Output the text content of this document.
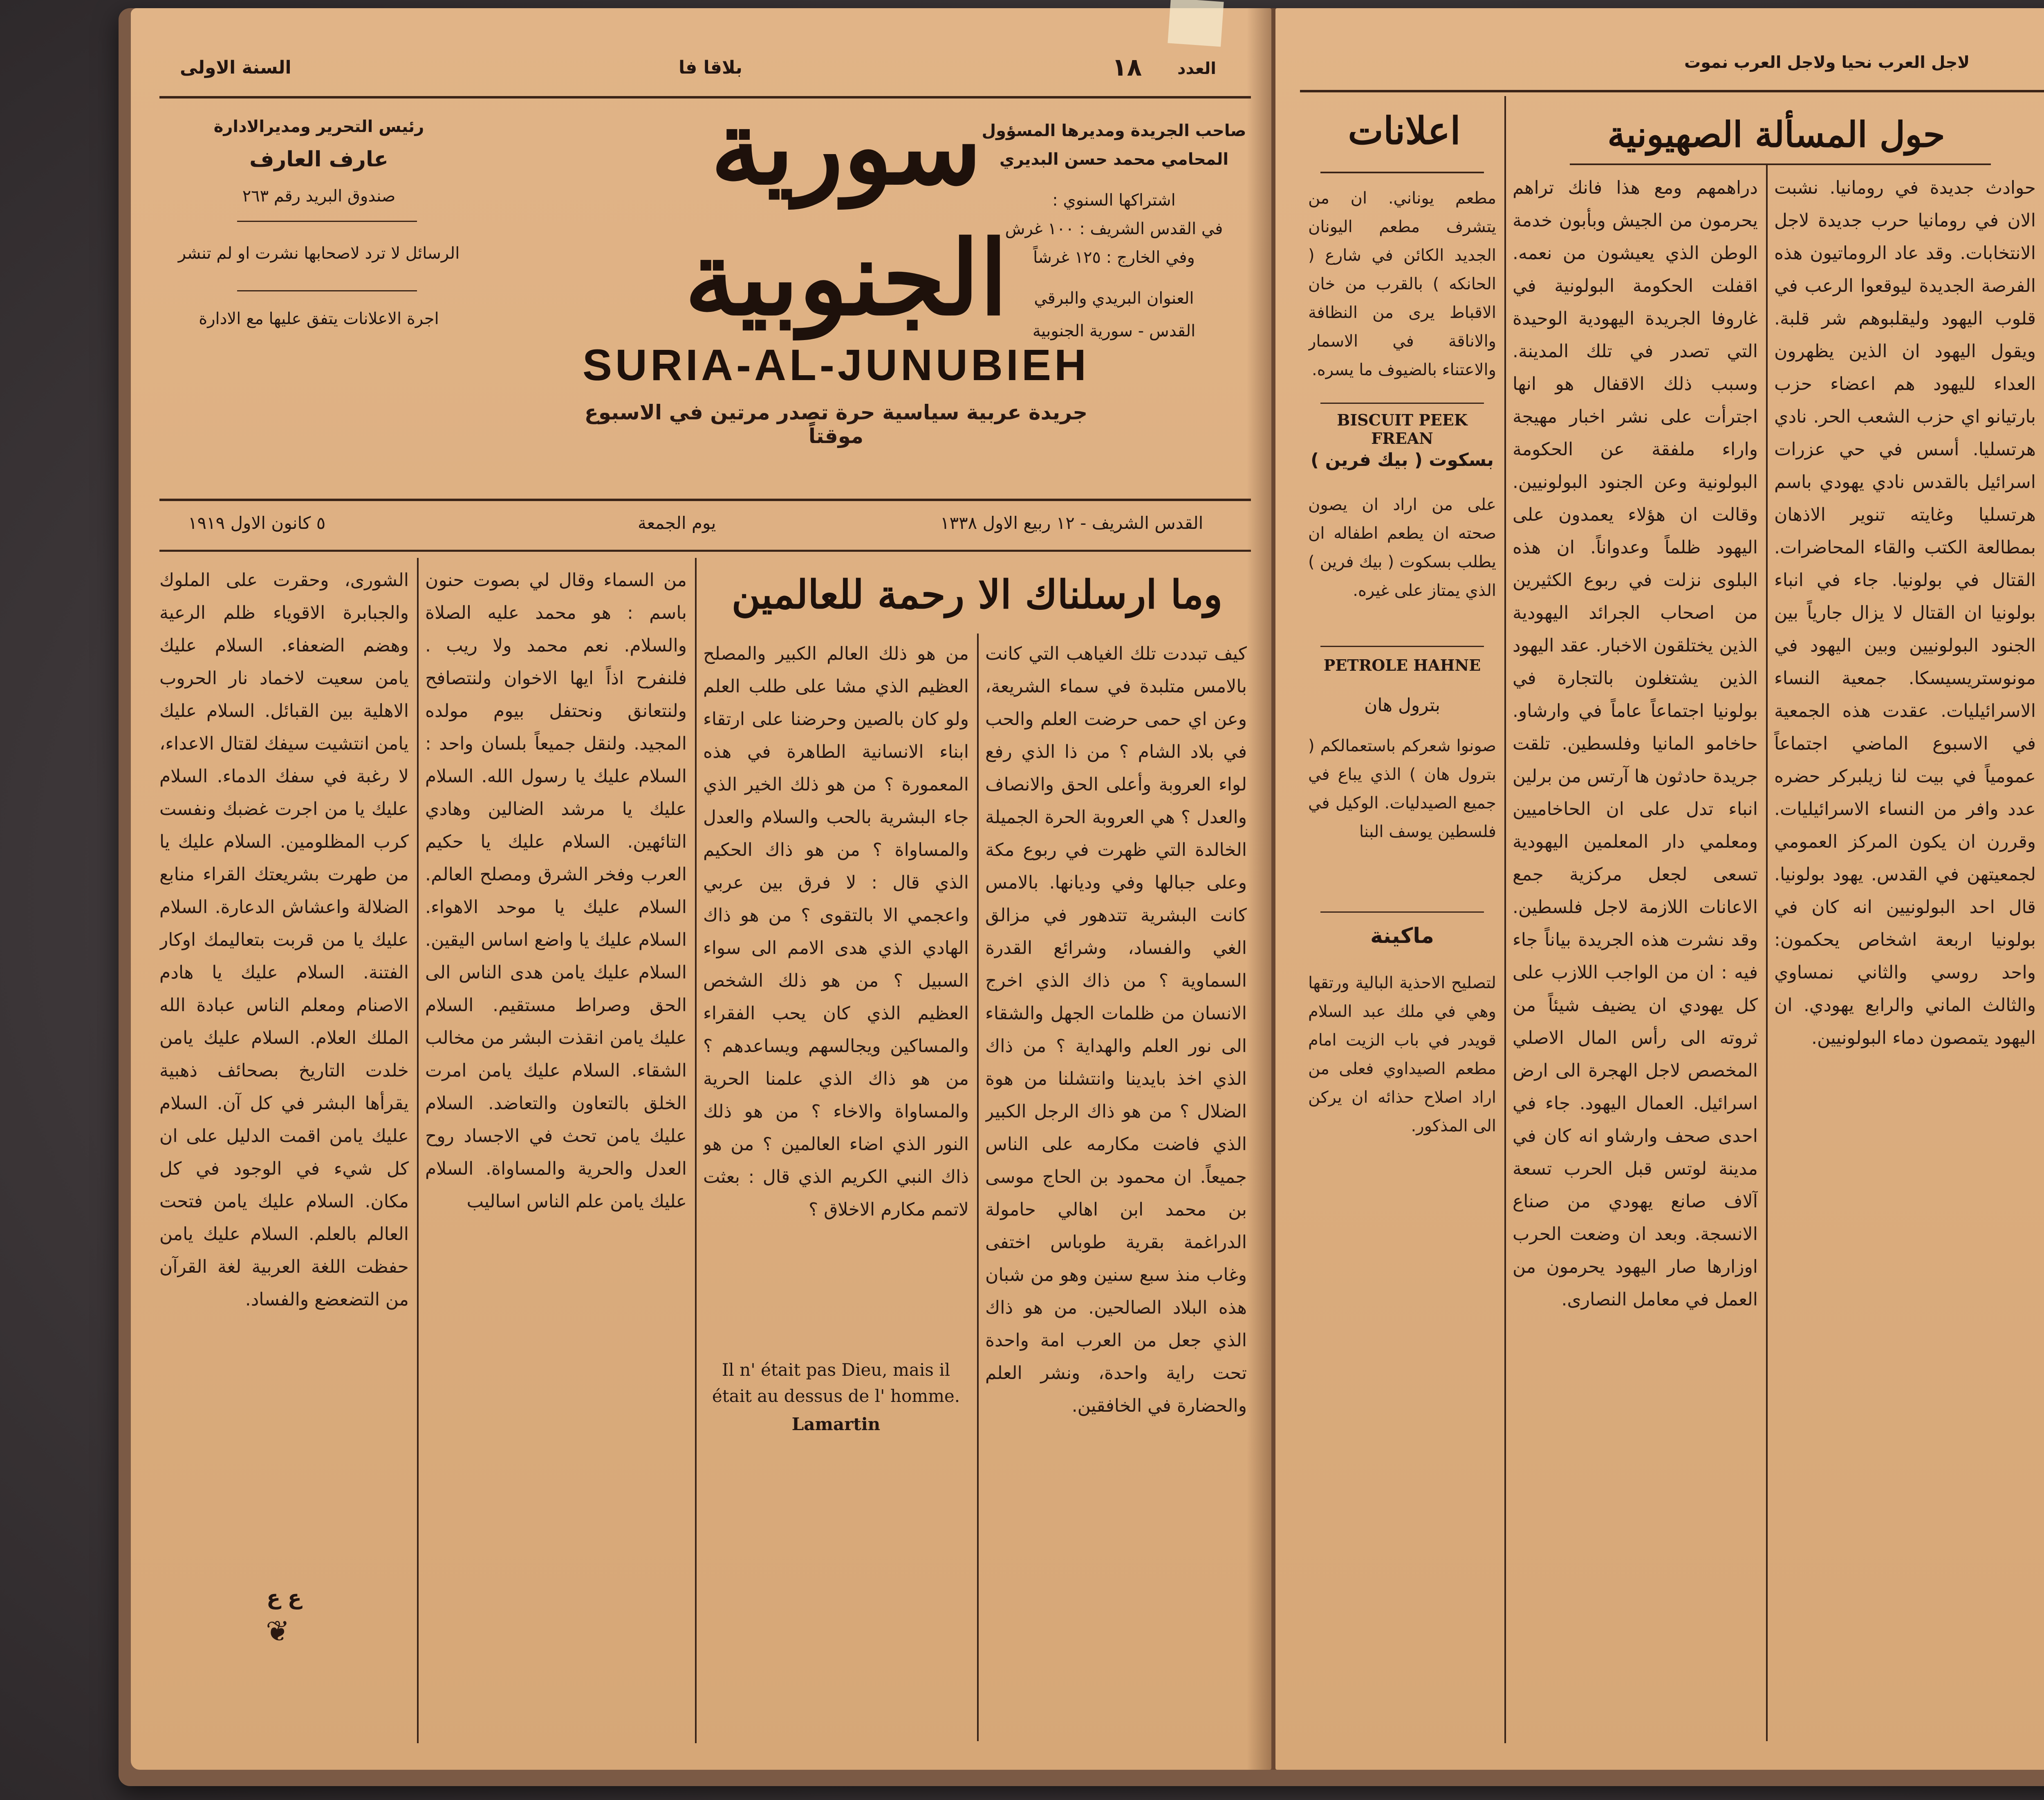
السنة الاولى	بلاقا فا	١٨ العدد
رئيس التحرير ومديرالادارة
عارف العارف
صندوق البريد رقم ٢٦٣
الرسائل لا ترد لاصحابها نشرت او لم تنشر
اجرة الاعلانات يتفق عليها مع الادارة
سورية الجنوبية
SURIA-AL-JUNUBIEH
جريدة عربية سياسية حرة تصدر مرتين في الاسبوع موقتاً
صاحب الجريدة ومديرها المسؤول
المحامي محمد حسن البديري
اشتراكها السنوي :
في القدس الشريف : ١٠٠ غرش
وفي الخارج : ١٢٥ غرشاً
العنوان البريدي والبرقي
القدس - سورية الجنوبية
٥ كانون الاول ١٩١٩	يوم الجمعة	القدس الشريف - ١٢ ربيع الاول ١٣٣٨
وما ارسلناك الا رحمة للعالمين
كيف تبددت تلك الغياهب التي كانت بالامس متلبدة في سماء الشريعة، وعن اي حمى حرضت العلم والحب في بلاد الشام ؟ من ذا الذي رفع لواء العروبة وأعلى الحق والانصاف والعدل ؟ هي العروبة الحرة الجميلة الخالدة التي ظهرت في ربوع مكة وعلى جبالها وفي وديانها. بالامس كانت البشرية تتدهور في مزالق الغي والفساد، وشرائع القدرة السماوية ؟ من ذاك الذي اخرج الانسان من ظلمات الجهل والشقاء الى نور العلم والهداية ؟ من ذاك الذي اخذ بايدينا وانتشلنا من هوة الضلال ؟ من هو ذاك الرجل الكبير الذي فاضت مكارمه على الناس جميعاً. ان محمود بن الحاج موسى بن محمد ابن اهالي حامولة الدراغمة بقرية طوباس اختفى وغاب منذ سبع سنين وهو من شبان هذه البلاد الصالحين. من هو ذاك الذي جعل من العرب امة واحدة تحت راية واحدة، ونشر العلم والحضارة في الخافقين.
من هو ذلك العالم الكبير والمصلح العظيم الذي مشا على طلب العلم ولو كان بالصين وحرضنا على ارتقاء ابناء الانسانية الطاهرة في هذه المعمورة ؟ من هو ذلك الخير الذي جاء البشرية بالحب والسلام والعدل والمساواة ؟ من هو ذاك الحكيم الذي قال : لا فرق بين عربي واعجمي الا بالتقوى ؟ من هو ذاك الهادي الذي هدى الامم الى سواء السبيل ؟ من هو ذلك الشخص العظيم الذي كان يحب الفقراء والمساكين ويجالسهم ويساعدهم ؟ من هو ذاك الذي علمنا الحرية والمساواة والاخاء ؟ من هو ذلك النور الذي اضاء العالمين ؟ من هو ذاك النبي الكريم الذي قال : بعثت لاتمم مكارم الاخلاق ؟
Il n' était pas Dieu, mais il était au dessus de l' homme.
Lamartin
من السماء وقال لي بصوت حنون باسم : هو محمد عليه الصلاة والسلام. نعم محمد ولا ريب . فلنفرح اذاً ايها الاخوان ولنتصافح ولنتعانق ونحتفل بيوم مولده المجيد. ولنقل جميعاً بلسان واحد : السلام عليك يا رسول الله. السلام عليك يا مرشد الضالين وهادي التائهين. السلام عليك يا حكيم العرب وفخر الشرق ومصلح العالم. السلام عليك يا موحد الاهواء. السلام عليك يا واضع اساس اليقين. السلام عليك يامن هدى الناس الى الحق وصراط مستقيم. السلام عليك يامن انقذت البشر من مخالب الشقاء. السلام عليك يامن امرت الخلق بالتعاون والتعاضد. السلام عليك يامن تحث في الاجساد روح العدل والحرية والمساواة. السلام عليك يامن علم الناس اساليب
الشورى، وحقرت على الملوك والجبابرة الاقوياء ظلم الرعية وهضم الضعفاء. السلام عليك يامن سعيت لاخماد نار الحروب الاهلية بين القبائل. السلام عليك يامن انتشيت سيفك لقتال الاعداء، لا رغبة في سفك الدماء. السلام عليك يا من اجرت غضبك ونفست كرب المظلومين. السلام عليك يا من طهرت بشريعتك القراء منابع الضلالة واعشاش الدعارة. السلام عليك يا من قربت بتعاليمك اوكار الفتنة. السلام عليك يا هادم الاصنام ومعلم الناس عبادة الله الملك العلام. السلام عليك يامن خلدت التاريخ بصحائف ذهبية يقرأها البشر في كل آن. السلام عليك يامن اقمت الدليل على ان كل شيء في الوجود في كل مكان. السلام عليك يامن فتحت العالم بالعلم. السلام عليك يامن حفظت اللغة العربية لغة القرآن من التضعضع والفساد.
ع ع
❦
لاجل العرب نحيا ولاجل العرب نموت
اعلانات
مطعم يوناني. ان من يتشرف مطعم اليونان الجديد الكائن في شارع ( الحانكه ) بالقرب من خان الاقباط يرى من النظافة والاناقة في الاسمار والاعتناء بالضيوف ما يسره.
BISCUIT PEEK FREAN
بسكوت ( بيك فرين )
على من اراد ان يصون صحته ان يطعم اطفاله ان يطلب بسكوت ( بيك فرين ) الذي يمتاز على غيره.
PETROLE HAHNE
بترول هان
صونوا شعركم باستعمالكم ( بترول هان ) الذي يباع في جميع الصيدليات. الوكيل في فلسطين يوسف البنا
ماكينة
لتصليح الاحذية البالية ورتقها وهي في ملك عبد السلام قويدر في باب الزيت امام مطعم الصيداوي فعلى من اراد اصلاح حذائه ان يركن الى المذكور.
حول المسألة الصهيونية
دراهمهم ومع هذا فانك تراهم يحرمون من الجيش وبأبون خدمة الوطن الذي يعيشون من نعمه. اقفلت الحكومة البولونية في غاروفا الجريدة اليهودية الوحيدة التي تصدر في تلك المدينة. وسبب ذلك الاقفال هو انها اجترأت على نشر اخبار مهيجة واراء ملفقة عن الحكومة البولونية وعن الجنود البولونيين. وقالت ان هؤلاء يعمدون على اليهود ظلماً وعدواناً. ان هذه البلوى نزلت في ربوع الكثيرين من اصحاب الجرائد اليهودية الذين يختلقون الاخبار. عقد اليهود الذين يشتغلون بالتجارة في بولونيا اجتماعاً عاماً في وارشاو. حاخامو المانيا وفلسطين. تلقت جريدة حادثون ها آرتس من برلين انباء تدل على ان الحاخاميين ومعلمي دار المعلمين اليهودية تسعى لجعل مركزية جمع الاعانات اللازمة لاجل فلسطين. وقد نشرت هذه الجريدة بياناً جاء فيه : ان من الواجب اللازب على كل يهودي ان يضيف شيئاً من ثروته الى رأس المال الاصلي المخصص لاجل الهجرة الى ارض اسرائيل. العمال اليهود. جاء في احدى صحف وارشاو انه كان في مدينة لوتس قبل الحرب تسعة آلاف صانع يهودي من صناع الانسجة. وبعد ان وضعت الحرب اوزارها صار اليهود يحرمون من العمل في معامل النصارى.
حوادث جديدة في رومانيا. نشبت الان في رومانيا حرب جديدة لاجل الانتخابات. وقد عاد الروماتيون هذه الفرصة الجديدة ليوقعوا الرعب في قلوب اليهود وليقلبوهم شر قلبة. ويقول اليهود ان الذين يظهرون العداء لليهود هم اعضاء حزب بارتيانو اي حزب الشعب الحر. نادي هرتسليا. أسس في حي عزرات اسرائيل بالقدس نادي يهودي باسم هرتسليا وغايته تنوير الاذهان بمطالعة الكتب والقاء المحاضرات. القتال في بولونيا. جاء في انباء بولونيا ان القتال لا يزال جارياً بين الجنود البولونيين وبين اليهود في مونوستريسيسكا. جمعية النساء الاسرائيليات. عقدت هذه الجمعية في الاسبوع الماضي اجتماعاً عمومياً في بيت لنا زيلبركر حضره عدد وافر من النساء الاسرائيليات. وقررن ان يكون المركز العمومي لجمعيتهن في القدس. يهود بولونيا. قال احد البولونيين انه كان في بولونيا اربعة اشخاص يحكمون: واحد روسي والثاني نمساوي والثالث الماني والرابع يهودي. ان اليهود يتمصون دماء البولونيين.
